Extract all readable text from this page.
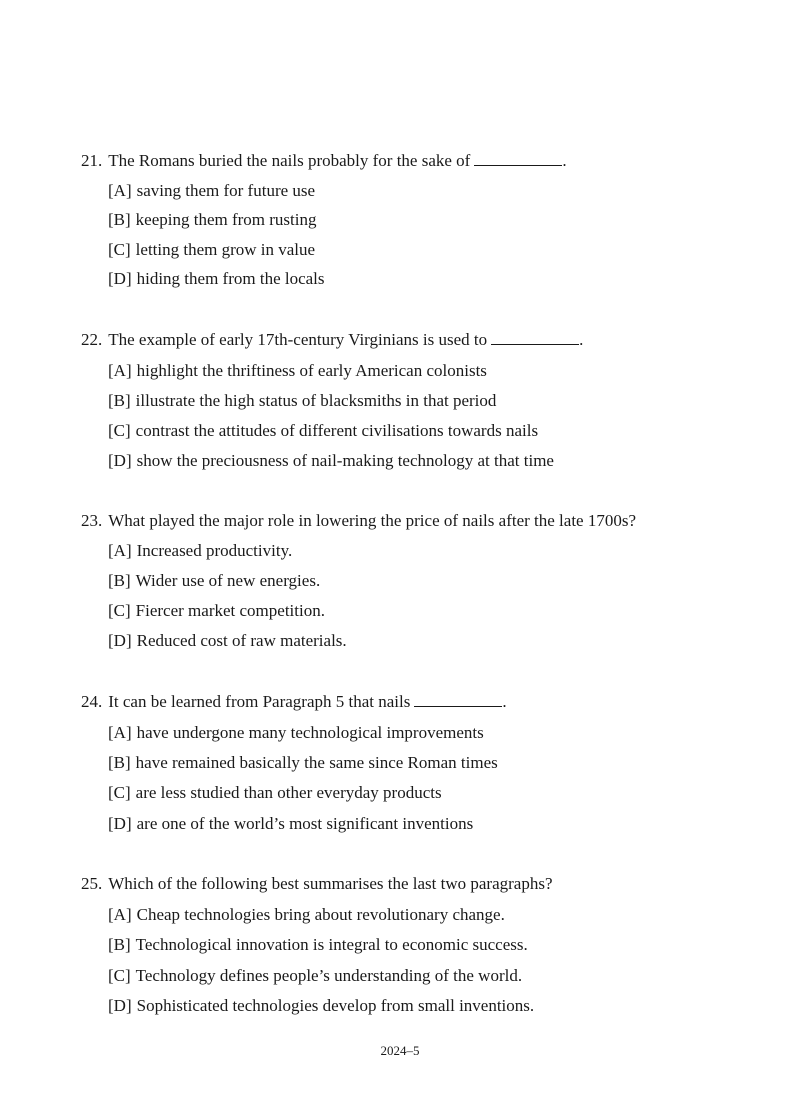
21. The Romans buried the nails probably for the sake of	.
[A] saving them for future use
[B] keeping them from rusting
[C] letting them grow in value
[D] hiding them from the locals
22. The example of early 17th-century Virginians is used to	.
[A] highlight the thriftiness of early American colonists
[B] illustrate the high status of blacksmiths in that period
[C] contrast the attitudes of different civilisations towards nails
[D] show the preciousness of nail-making technology at that time
23. What played the major role in lowering the price of nails after the late 1700s?
[A] Increased productivity.
[B] Wider use of new energies.
[C] Fiercer market competition.
[D] Reduced cost of raw materials.
24. It can be learned from Paragraph 5 that nails	.
[A] have undergone many technological improvements
[B] have remained basically the same since Roman times
[C] are less studied than other everyday products
[D] are one of the world’s most significant inventions
25. Which of the following best summarises the last two paragraphs?
[A] Cheap technologies bring about revolutionary change.
[B] Technological innovation is integral to economic success.
[C] Technology defines people’s understanding of the world.
[D] Sophisticated technologies develop from small inventions.
2024–5
